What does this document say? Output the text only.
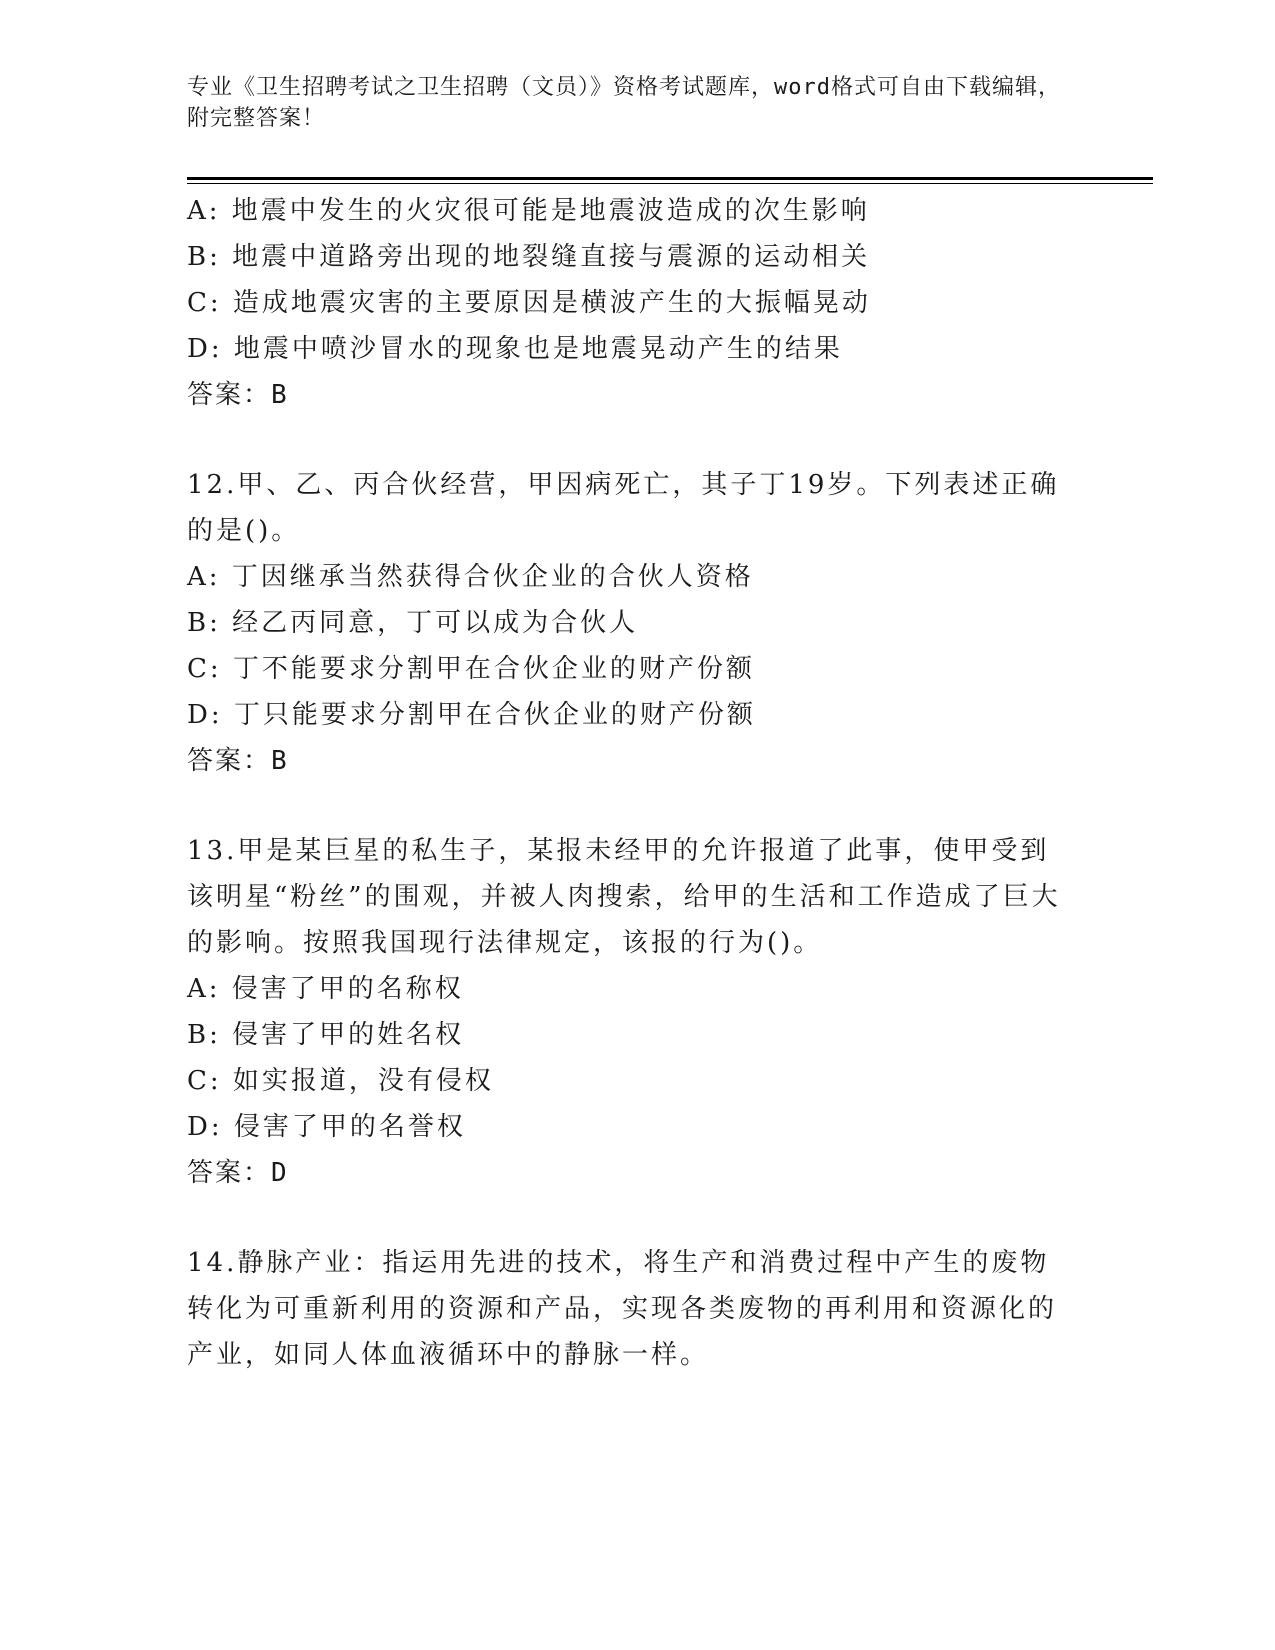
专业《卫生招聘考试之卫生招聘（文员）》资格考试题库，word格式可自由下载编辑，附完整答案！
A: 地震中发生的火灾很可能是地震波造成的次生影响
B: 地震中道路旁出现的地裂缝直接与震源的运动相关
C: 造成地震灾害的主要原因是横波产生的大振幅晃动
D: 地震中喷沙冒水的现象也是地震晃动产生的结果
答案：B
12.甲、乙、丙合伙经营，甲因病死亡，其子丁19岁。下列表述正确的是()。
A: 丁因继承当然获得合伙企业的合伙人资格
B: 经乙丙同意，丁可以成为合伙人
C: 丁不能要求分割甲在合伙企业的财产份额
D: 丁只能要求分割甲在合伙企业的财产份额
答案：B
13.甲是某巨星的私生子，某报未经甲的允许报道了此事，使甲受到该明星“粉丝”的围观，并被人肉搜索，给甲的生活和工作造成了巨大的影响。按照我国现行法律规定，该报的行为()。
A: 侵害了甲的名称权
B: 侵害了甲的姓名权
C: 如实报道，没有侵权
D: 侵害了甲的名誉权
答案：D
14.静脉产业：指运用先进的技术，将生产和消费过程中产生的废物转化为可重新利用的资源和产品，实现各类废物的再利用和资源化的产业，如同人体血液循环中的静脉一样。
